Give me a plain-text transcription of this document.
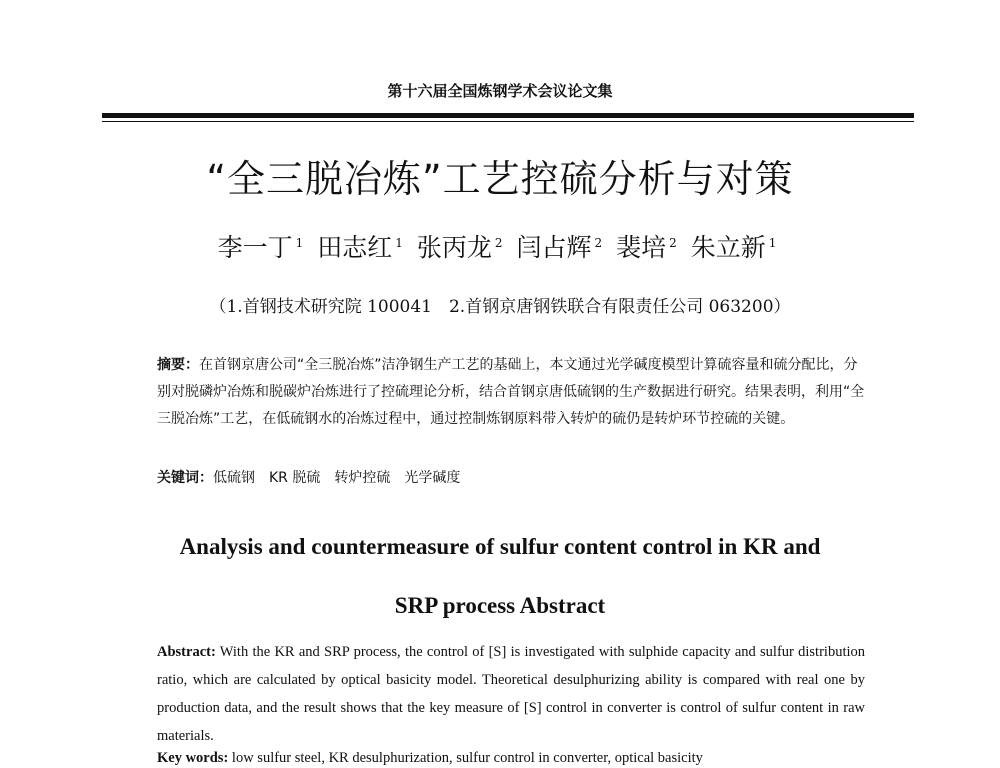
第十六届全国炼钢学术会议论文集
“全三脱冶炼”工艺控硫分析与对策
李一丁 $^1$ 田志红 $^1$ 张丙龙 $^2$ 闫占辉 $^2$ 裴培 $^2$ 朱立新 $^1$
（1.首钢技术研究院 100041　2.首钢京唐钢铁联合有限责任公司 063200）
摘要：在首钢京唐公司“全三脱冶炼”洁净钢生产工艺的基础上，本文通过光学碱度模型计算硫容量和硫分配比，分别对脱磷炉冶炼和脱碳炉冶炼进行了控硫理论分析，结合首钢京唐低硫钢的生产数据进行研究。结果表明，利用“全三脱冶炼”工艺，在低硫钢水的冶炼过程中，通过控制炼钢原料带入转炉的硫仍是转炉环节控硫的关键。
关键词：低硫钢　KR 脱硫　转炉控硫　光学碱度
Analysis and countermeasure of sulfur content control in KR and
SRP process Abstract
Abstract: With the KR and SRP process, the control of [S] is investigated with sulphide capacity and sulfur distribution ratio, which are calculated by optical basicity model. Theoretical desulphurizing ability is compared with real one by production data, and the result shows that the key measure of [S] control in converter is control of sulfur content in raw materials.
Key words: low sulfur steel, KR desulphurization, sulfur control in converter, optical basicity
